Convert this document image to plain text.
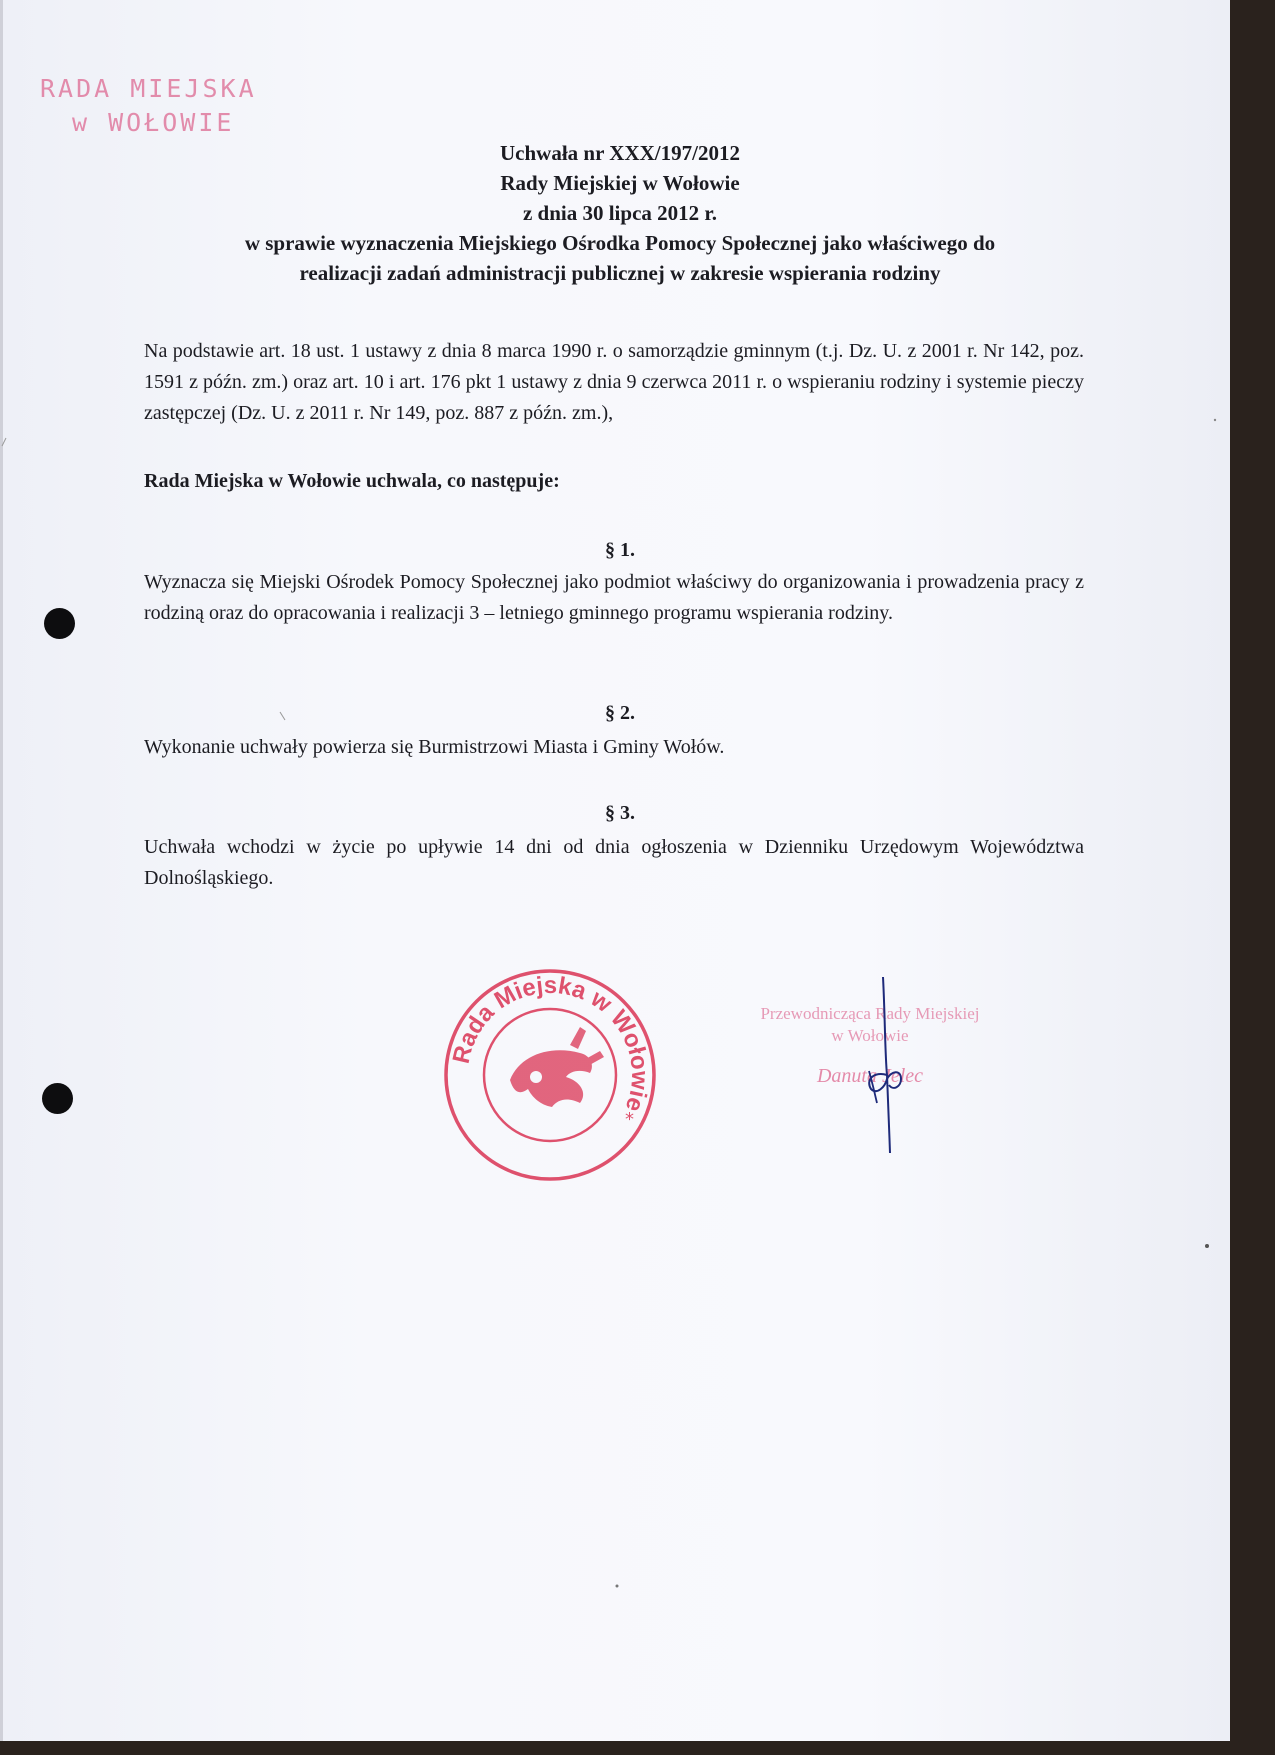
RADA MIEJSKA
w WOŁOWIE
Uchwała nr XXX/197/2012
Rady Miejskiej w Wołowie
z dnia 30 lipca 2012 r.
w sprawie wyznaczenia Miejskiego Ośrodka Pomocy Społecznej jako właściwego do
realizacji zadań administracji publicznej w zakresie wspierania rodziny
Na podstawie art. 18 ust. 1 ustawy z dnia 8 marca 1990 r. o samorządzie gminnym (t.j. Dz. U. z 2001 r. Nr 142, poz. 1591 z późn. zm.) oraz art. 10 i art. 176 pkt 1 ustawy z dnia 9 czerwca 2011 r. o wspieraniu rodziny i systemie pieczy zastępczej (Dz. U. z 2011 r. Nr 149, poz. 887 z późn. zm.),
Rada Miejska w Wołowie uchwala, co następuje:
§ 1.
Wyznacza się Miejski Ośrodek Pomocy Społecznej jako podmiot właściwy do organizowania i prowadzenia pracy z rodziną oraz do opracowania i realizacji 3 – letniego gminnego programu wspierania rodziny.
§ 2.
Wykonanie uchwały powierza się Burmistrzowi Miasta i Gminy Wołów.
§ 3.
Uchwała wchodzi w życie po upływie 14 dni od dnia ogłoszenia w Dzienniku Urzędowym Województwa Dolnośląskiego.
Rada Miejska w Wołowie
*
Przewodnicząca Rady Miejskiej
w Wołowie
Danuta Jelec
